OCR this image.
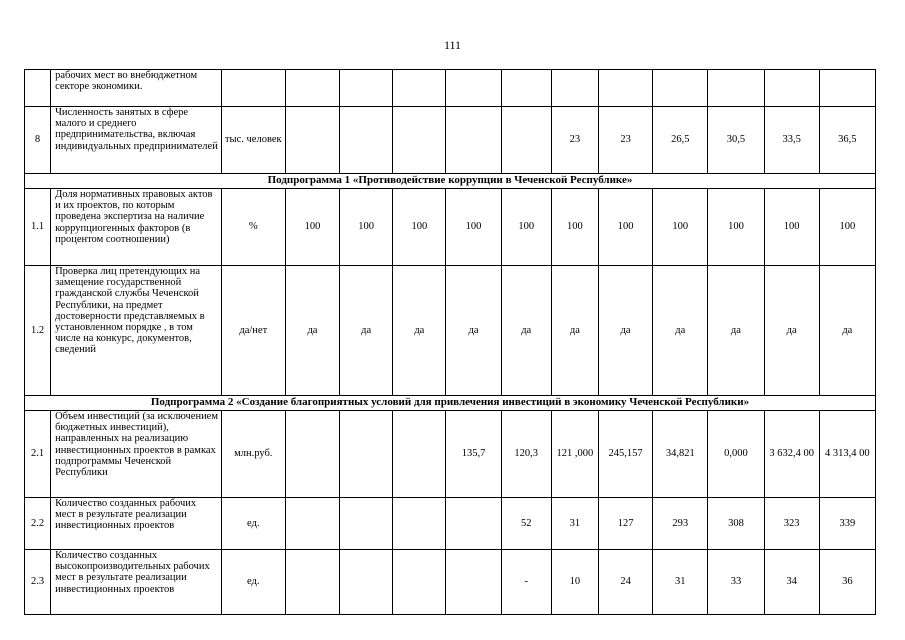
111
	рабочих мест во внебюджетном секторе экономики.												
8	Численность занятых в сфере малого и среднего предпринимательства, включая индивидуальных предпринимателей	тыс. человек						23	23	26,5	30,5	33,5	36,5
Подпрограмма 1 «Противодействие коррупции в Чеченской Республике»													
1.1	Доля нормативных правовых актов и их проектов, по которым проведена экспертиза на наличие коррупциогенных факторов (в процентом соотношении)	%	100	100	100	100	100	100	100	100	100	100	100
1.2	Проверка лиц претендующих на замещение государственной гражданской службы Чеченской Республики, на предмет достоверности представляемых в установленном порядке , в том числе на конкурс, документов, сведений	да/нет	да	да	да	да	да	да	да	да	да	да	да
Подпрограмма 2 «Создание благоприятных условий для привлечения инвестиций в экономику Чеченской Республики»													
2.1	Объем инвестиций (за исключением бюджетных инвестиций), направленных на реализацию инвестиционных проектов в рамках подпрограммы Чеченской Республики	млн.руб.				135,7	120,3	121 ,000	245,157	34,821	0,000	3 632,4 00	4 313,4 00
2.2	Количество созданных рабочих мест в результате реализации инвестиционных проектов	ед.					52	31	127	293	308	323	339
2.3	Количество созданных высокопроизводительных рабочих мест в результате реализации инвестиционных проектов	ед.					-	10	24	31	33	34	36
